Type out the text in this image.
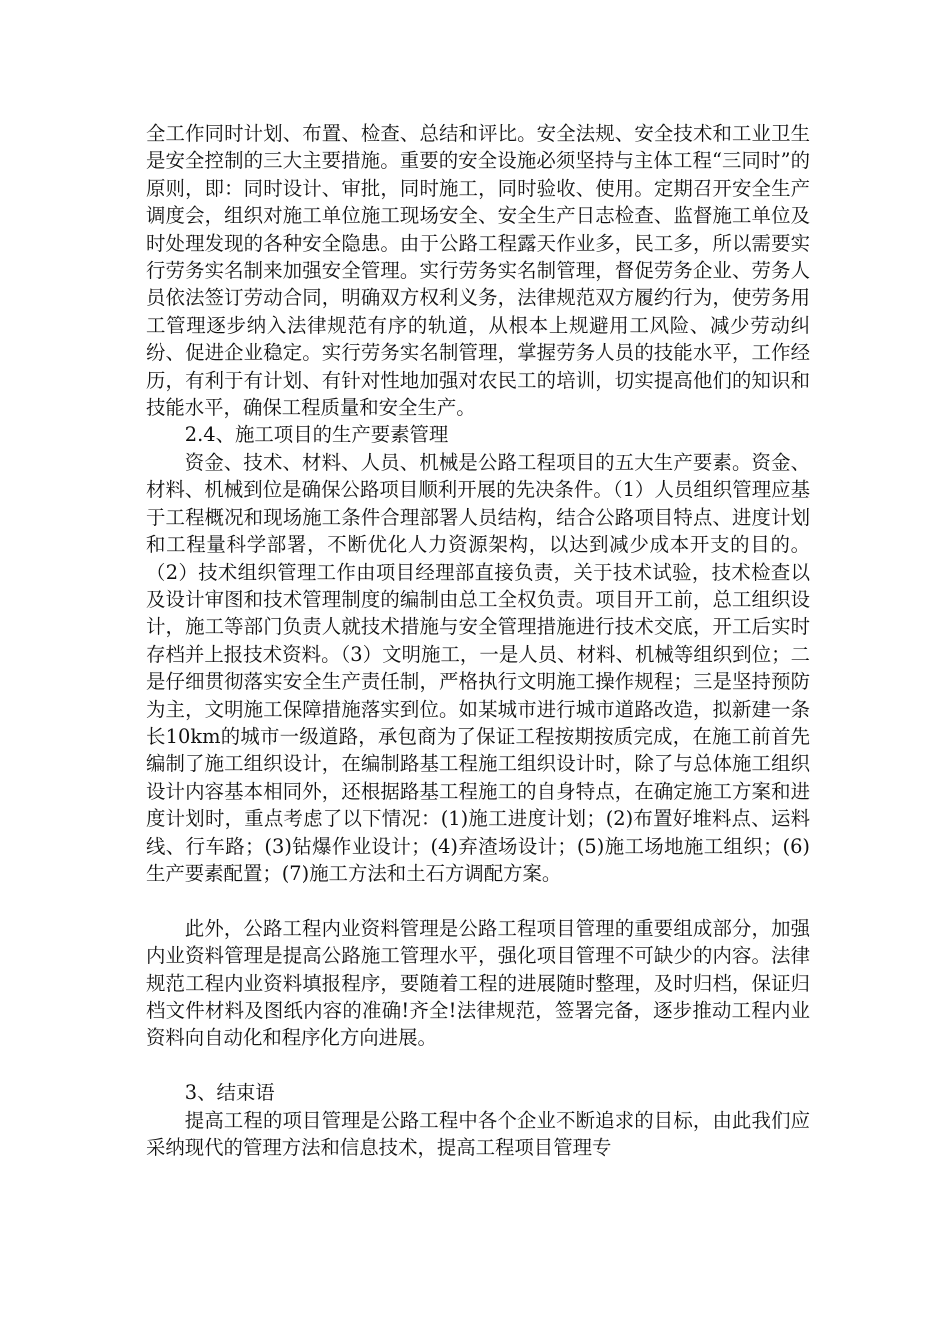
全工作同时计划、布置、检查、总结和评比。安全法规、安全技术和工业卫生是安全控制的三大主要措施。重要的安全设施必须坚持与主体工程“三同时”的原则，即：同时设计、审批，同时施工，同时验收、使用。定期召开安全生产调度会，组织对施工单位施工现场安全、安全生产日志检查、监督施工单位及时处理发现的各种安全隐患。由于公路工程露天作业多，民工多，所以需要实行劳务实名制来加强安全管理。实行劳务实名制管理，督促劳务企业、劳务人员依法签订劳动合同，明确双方权利义务，法律规范双方履约行为，使劳务用工管理逐步纳入法律规范有序的轨道，从根本上规避用工风险、减少劳动纠纷、促进企业稳定。实行劳务实名制管理，掌握劳务人员的技能水平，工作经历，有利于有计划、有针对性地加强对农民工的培训，切实提高他们的知识和技能水平，确保工程质量和安全生产。

2.4、施工项目的生产要素管理

资金、技术、材料、人员、机械是公路工程项目的五大生产要素。资金、材料、机械到位是确保公路项目顺利开展的先决条件。（1）人员组织管理应基于工程概况和现场施工条件合理部署人员结构，结合公路项目特点、进度计划和工程量科学部署，不断优化人力资源架构，以达到减少成本开支的目的。（2）技术组织管理工作由项目经理部直接负责，关于技术试验，技术检查以及设计审图和技术管理制度的编制由总工全权负责。项目开工前，总工组织设计，施工等部门负责人就技术措施与安全管理措施进行技术交底，开工后实时存档并上报技术资料。（3）文明施工，一是人员、材料、机械等组织到位；二是仔细贯彻落实安全生产责任制，严格执行文明施工操作规程；三是坚持预防为主，文明施工保障措施落实到位。如某城市进行城市道路改造，拟新建一条长10km的城市一级道路，承包商为了保证工程按期按质完成，在施工前首先编制了施工组织设计，在编制路基工程施工组织设计时，除了与总体施工组织设计内容基本相同外，还根据路基工程施工的自身特点，在确定施工方案和进度计划时，重点考虑了以下情况：(1)施工进度计划；(2)布置好堆料点、运料线、行车路；(3)钻爆作业设计；(4)弃渣场设计；(5)施工场地施工组织；(6)生产要素配置；(7)施工方法和土石方调配方案。

此外，公路工程内业资料管理是公路工程项目管理的重要组成部分，加强内业资料管理是提高公路施工管理水平，强化项目管理不可缺少的内容。法律规范工程内业资料填报程序，要随着工程的进展随时整理，及时归档，保证归档文件材料及图纸内容的准确!齐全!法律规范，签署完备，逐步推动工程内业资料向自动化和程序化方向进展。

3、结束语

提高工程的项目管理是公路工程中各个企业不断追求的目标，由此我们应采纳现代的管理方法和信息技术，提高工程项目管理专
